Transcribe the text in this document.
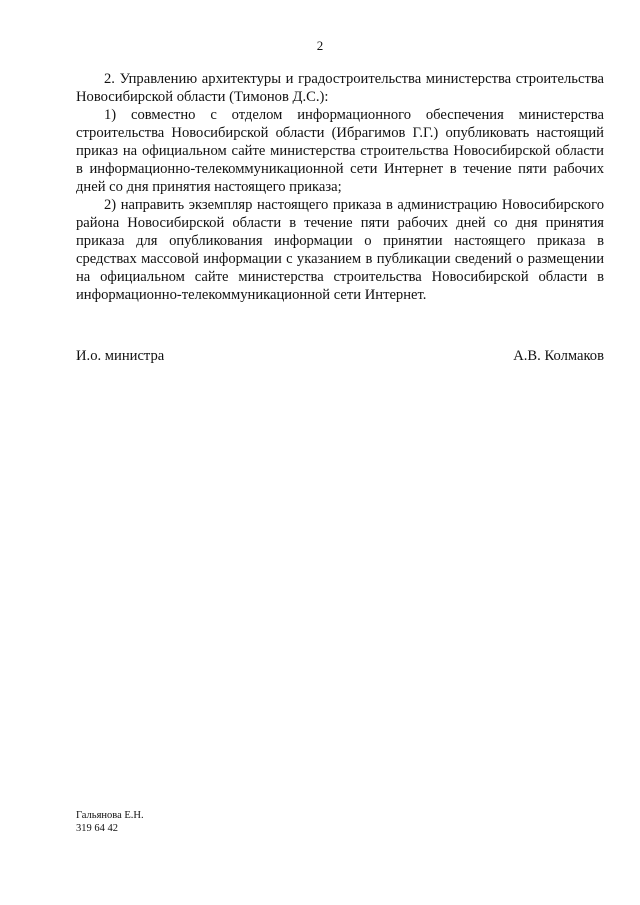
2

2. Управлению архитектуры и градостроительства министерства строительства Новосибирской области (Тимонов Д.С.):

1) совместно с отделом информационного обеспечения министерства строительства Новосибирской области (Ибрагимов Г.Г.) опубликовать настоящий приказ на официальном сайте министерства строительства Новосибирской области в информационно-телекоммуникационной сети Интернет в течение пяти рабочих дней со дня принятия настоящего приказа;

2) направить экземпляр настоящего приказа в администрацию Новосибирского района Новосибирской области в течение пяти рабочих дней со дня принятия приказа для опубликования информации о принятии настоящего приказа в средствах массовой информации с указанием в публикации сведений о размещении на официальном сайте министерства строительства Новосибирской области в информационно-телекоммуникационной сети Интернет.

И.о. министра	А.В. Колмаков
Гальянова Е.Н.
319 64 42
